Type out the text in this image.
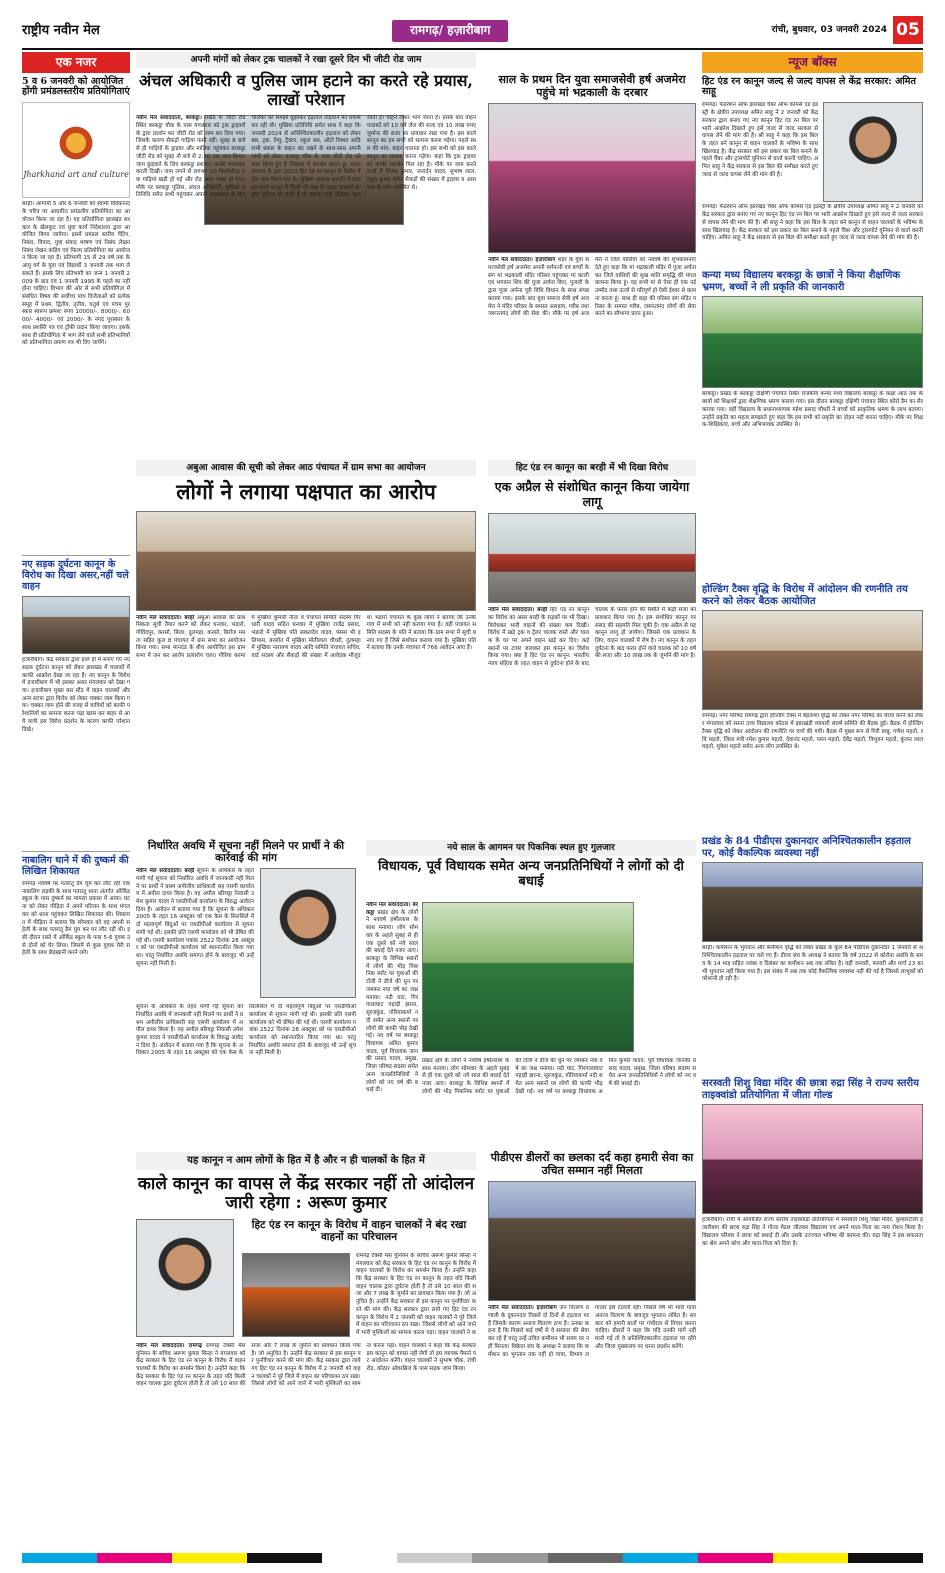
राष्ट्रीय नवीन मेल	रामगढ़/ हज़ारीबाग	रांची, बुधवार, 03 जनवरी 2024 05
एक नजर
5 व 6 जनवरी को आयोजित होंगी प्रमंडलस्तरीय प्रतियोगिताएं
Jharkhand art and culture
बरही। आगामी 5 और 6 जनवरी को स्वामी विवेकानंद के चरित्र पर आधारित प्रमंडलीय प्रतियोगिता का आयोजन किया जा रहा है। यह प्रतियोगिता झारखंड सरकार के खेलकूद एवं युवा कार्य निदेशालय द्वारा आयोजित किया जायेगा। इसमें प्रमंडल स्तरीय पेंटिंग, निबंध, विवाद, युवा संवाद भाषण एवं निबंध लेखन निबंध लेखन कंडिंग एवं फिल्म प्रतियोगिता का आयोजन किया जा रहा है। प्रतिभागी 15 से 29 वर्ष तक के आयु वर्ग के युवा एवं विद्यार्थी 3 जनवरी तक भाग ले सकते हैं। इसके लिए प्रतिभागी का जन्म 1 जनवरी 2009 के बाद एवं 1 जनवरी 1995 के पहले का नहीं होना चाहिए। विभाग की ओर से सभी प्रतियोगिता में संबंधित विषय की सर्वोच्च पांच विजेताओं को प्रत्येक समूह में प्रथम, द्वितीय, तृतीय, चतुर्थ एवं पंचम पुरस्कार स्वरूप क्रमशः रुपए 10000/-, 8000/-, 6000/- 4000/- एवं 2000/- के नगद पुरस्कार के साथ प्रशस्ति पत्र एवं ट्रॉफी प्रदान किया जाएगा। इसके साथ ही प्रतियोगिता में भाग लेने वाले सभी प्रतिभागियों को प्रतिभागिता प्रमाण पत्र भी दिए जायेंगे।
नए सड़क दुर्घटना कानून के विरोध का दिखा असर,नहीं चले वाहन
हजारीबाग। केंद्र सरकार द्वारा हाल ही में बनाए गए नए सड़क दुर्घटना कानून को लेकर झारखंड में चालकों में काफी आक्रोश देखा जा रहा है। नए कानून के विरोध में हजारीबाग में भी इसका असर मंगलवार को देखा गया। हजारीबाग मुख्य बस स्टैंड में वाहन चालकों और अन्य स्टाफ द्वारा विरोध को लेकर चक्का जाम किया गया। चक्का जाम होने की वजह से यात्रियों को काफी परेशानियों का सामना करना पड़ा खास कर बाहर से आये यात्री इस विरोध प्रदर्शन के कारण काफी परेशान दिखे।
नाबालिग थाने में की दुष्कर्म की लिखित शिकायत
रामगढ़ नववर्ष पर पतरातू डैम घूम कर लौट रही एक नाबालिग लड़की के साथ पतरातू थाना अंतर्गत ऑर्किड स्कूल के पास दुष्कर्म का मामला प्रकाश में आया। घटना को लेकर पीड़िता ने अपने परिजन के साथ मंगलवार को थाना पहुंचकर लिखित शिकायत की। शिकायत में पीड़िता ने बताया कि सोमवार को वह अपनी सहेली के साथ पतरातू डैम घूम कर घर लौट रही थी। इसी दौरान रास्ते में ऑर्किड स्कूल के पास 5-6 युवक उसे दोनों को घेर लिया। जिसमें से कुछ युवक मेरी सहेली के साथ छेड़खानी करने लगे।
अपनी मांगों को लेकर ट्रक चालकों ने रखा दूसरे दिन भी जीटी रोड जाम
अंचल अधिकारी व पुलिस जाम हटाने का करते रहे प्रयास, लाखों परेशान
नवीन मेल संवाददाता, बरकट्ठा। प्रखंड के जीटी रोड स्थित बरकट्ठा चौक के पास मंगलवार को ट्रक ड्राइवरों के द्वारा प्रदर्शन कर जीटी रोड को जाम कर दिया गया। जिसके कारण सैकड़ों गाड़ियां फंसी रहीं। सुबह 8 बजे से ही गाड़ियों के ड्राइवर और मालिक पहुंचकर बरकट्ठा जीटी रोड को सुबह नौ बजे से 2:30 तक जाम किया। जाम छुड़वाने के लिए बरकट्ठा प्रशासन काफी मशक्कत करती दिखी। जाम लगने से लगभग 10 किलोमीटर तक गाड़ियां खड़ी हो गई और रोड अस्त व्यस्त हो गया। मौके पर बरकट्ठा पुलिस, अंचल अधिकारी, मुखिया प्रतिनिधि समेत सभी पहुंचकर अपनी आश्वासन के बाद चालकों को समझा बुझाकर हड़ताल तोड़वाने का प्रयास कर रही थी। मुखिया प्रतिनिधि समेत साथ ने कहा कि जनवरी 2024 से अनिश्चितकालीन हड़ताल को लेकर बस, ट्रक, टेम्पु, ट्रैक्टर, स्कूल बस, ऑटो रिक्शा आदि सभी प्रकार के वाहन बंद रखने के साथ-साथ अपनी मांगों को लेकर बरकट्ठा चौक के पास जीटी रोड को जाम किया हुए हैं जिसका मैं समर्थन करता हूं। भारत सरकार के द्वारा 2023 हिट एंड रन कानून के विरोध में रोड जाम किया गया है। मुखिया अध्यक्ष असफ़ी ने कहा इस काले कानून में किसी भी तरह के वाहन चालकों का द्वारा दुर्घटना हो जाती है तो चालक गाड़ी छोड़कर भाग जाता है। वाहन लेकर भाग जाता है। इसके बाद वाहन चालकों को 10 वर्ष जेल की सजा एवं 10 लाख रुपए जुर्माना की सजा का प्रावधान रखा गया है। इस काले कानून का हम सभी को सामना करना पड़ेगा। पहले स्थल की मांग, वाहन चालाना हो। इस सभी को इस काले कानून का सामना करना पड़ेगा। कहा कि ट्रक ड्राइवर को काफी समर्थन मिल रहा है। मौके पर जाम करने वालों में विजय कुमार, जनार्दन यादव, सुभाष लाल, राहुल कुमार समेत सैकड़ों की संख्या में ड्राइवर व आसपास के लोग उपस्थित थे।
साल के प्रथम दिन युवा समाजसेवी हर्ष अजमेरा पहुंचे मां भद्रकाली के दरबार
नवीन मेल संवाददाता। हज़ारीबाग शहर के युवा समाजसेवी हर्ष अजमेरा अपनी धर्मपत्नी एवं बच्चों के संग मां भद्रकाली मंदिर परिसर पहुंचकर मां काली एवं भगवान शिव की पूजा अर्चना किए, पुजारी के द्वारा पूजा अर्चना पूरी विधि विधान के साथ संपन्न कराया गया। इसके बाद युवा समाज सेवी हर्ष अजमेरा ने मंदिर परिसर के समस्त असहाय, गरीब तथा जरूरतमंद लोगों की सेवा की। मौके पर हर्ष अजमेरा ने जिले वासियों को नववर्ष की शुभकामनाएं देते हुए कहा कि मां भद्रकाली मंदिर में पूजा अर्चना कर जिले वासियों की सुख शांति समृद्धि की मंगल कामना किया हूं। वह सभी मां से ऐसा ही एक नई उम्मीद तथा ऊर्जा से परिपूर्ण हो ऐसी ईश्वर से कामना करता हूं। साथ ही कहा की परिसर संग मंदिर परिसर के समस्त गरीब, जरूरतमंद लोगों की सेवा करने का सौभाग्य प्राप्त हुआ।
अबुआ आवास की सूची को लेकर आठ पंचायत में ग्राम सभा का आयोजन
लोगों ने लगाया पक्षपात का आरोप
नवीन मेल संवाददाता। बरही अबुआ आवास की प्राथमिकता सूची तैयार करने को लेकर धनवार, भंडारो, गोविंदपुर, करसो, बिंजा, दुलमहा, करसो, बिरोंज ममता सहित कुल 8 पंचायत में ग्राम सभा का आयोजन किया गया। सभा मानदंड के बीच आयोजित इस ग्राम सभा में जन कर आरोप प्रत्यारोप चला। गौरिया करमा में मुखिया कुमारी नीता व पंचायत समिति सदस्य गिरधारी यादव सहित धनवार में मुखिया राजेंद्र प्रसाद, भंडारो में मुखिया पति सकलदेव यादव, पंसस भी इलियास, बरसोत में मुखिया मोतीलाल चौधरी, दुलमहा में मुखिया नारायण यादव आदि समिति पंचायत सचिव, वार्ड सदस्य और सैकड़ों की संख्या में आवेदक मौजूद थे। भंडारो पंचायत के कुछ लोगों ने बताया कि उनके गांव में सभी को नहीं कराया गया है। वहीं पंचायत समिति सदस्य के पति ने बताया कि ग्राम सभा में सूची बनाए गए हैं जिसे संशोधन कराया गया है। मुखिया पति ने बताया कि उनके पंचायत में 766 आवेदन आए हैं।
हिट एंड रन कानून का बरही में भी दिखा विरोध
एक अप्रैल से संशोधित कानून किया जायेगा लागू
नवीन मेल संवाददाता। बरही हिट एंड रन कानून का विरोध का असर बरही के सड़कों पर भी दिखा। विरोधकर भारी वाहनों की संख्या कम दिखी। विरोध में खड़े ट्रक व ट्रेलर चालक रास्ते और चालक के घर पर अपने वाहन खड़े कर दिए। कई स्थानों पर टायर जलाकर इस कानून का विरोध किया गया। क्या है हिट एंड रन कानून: भारतीय न्याय संहिता के तहत वाहन से दुर्घटना होने के बाद चालक के फरार होने की स्थिति में कड़ी सजा का प्रावधान किया गया है। इस संशोधित कानून पर संसद की सहमति मिल चुकी है। एक अप्रैल से यह कानून लागू हो जायेगा। जिससे एक प्रावधान के लिए, वाहन चालकों में रोष है। नए कानून के तहत दुर्घटना के बाद फरार होने वाले चालक को 10 वर्ष की सजा और 10 लाख तक के जुर्माने की मांग है।
निर्धारित अवधि में सूचना नहीं मिलने पर प्रार्थी ने की कार्रवाई की मांग
नवीन मेल संवाददाता। बरही सूचना के अधिकार के तहत मांगी गई सूचना को निर्धारित अवधि में जानकारी नहीं मिलने पर प्रार्थी ने प्रथम अपीलीय प्राधिकारी सह एसपी कार्यालय में अपील दायर किया है। यह अपील बरियट्ठा निवासी उमेश कुमार यादव ने एसडीपीओ कार्यालय के विरुद्ध आवेदन दिया है। आवेदन में बताया गया है कि सूचना के अधिकार 2005 के तहत 16 अक्टूबर को एक केस के सिलसिले में दो महत्वपूर्ण बिंदुओं पर एसडीपीओ कार्यालय से सूचना मांगी गई थी। इसकी प्रति एसपी कार्यालय को भी प्रेषित की गई थी। एसपी कार्यालय पत्रांक 2522 दिनांक 28 अक्टूबर को पर एसडीपीओ कार्यालय को स्थानांतरित किया गया था। परंतु निर्धारित अवधि समाप्त होने के बावजूद भी उन्हें सूचना नहीं मिली है।
सूचना के अधिकार के तहत मांगी गई सूचना को निर्धारित अवधि में जानकारी नहीं मिलने पर प्रार्थी ने प्रथम अपीलीय प्राधिकारी सह एसपी कार्यालय में अपील दायर किया है। यह अपील बरियट्ठा निवासी उमेश कुमार यादव ने एसडीपीओ कार्यालय के विरुद्ध आवेदन दिया है। आवेदन में बताया गया है कि सूचना के अधिकार 2005 के तहत 16 अक्टूबर को एक केस के सिलसिले में दो महत्वपूर्ण बिंदुओं पर एसडीपीओ कार्यालय से सूचना मांगी गई थी। इसकी प्रति एसपी कार्यालय को भी प्रेषित की गई थी। एसपी कार्यालय पत्रांक 2522 दिनांक 28 अक्टूबर को पर एसडीपीओ कार्यालय को स्थानांतरित किया गया था। परंतु निर्धारित अवधि समाप्त होने के बावजूद भी उन्हें सूचना नहीं मिली है।
नये साल के आगमन पर पिकनिक स्थल हुए गुलजार
विधायक, पूर्व विधायक समेत अन्य जनप्रतिनिधियों ने लोगों को दी बधाई
नवीन मेल संवाददाता। बरकट्ठा प्रखंड क्षेत्र के लोगों ने नववर्ष हर्षोल्लास के साथ मनाया। लोग सोमवार के अहले सुबह से ही एक दूसरे को नये साल की बधाई देते नजर आए। बरकट्ठा के विभिन्न स्थानों में लोगों की भीड़ पिकनिक स्पॉट पर युवाओं की टोली ने डीजे की धुन पर जमकर नया वर्ष का जश्न मनाया। नदी घाट, गिरगालाघाट पहाड़ी झरना, सूरजकुंड, गोरियाकर्मा नदी समेत अन्य स्थानों पर लोगों की काफी भीड़ देखी गई। नव वर्ष पर बरकट्ठा विधायक अमित कुमार यादव, पूर्व विधायक जानकी प्रसाद यादव, प्रमुख, जिला परिषद सदस्य समेत अन्य जनप्रतिनिधियों ने लोगों को नए वर्ष की बधाई दी।
प्रखंड क्षेत्र के लोगों ने नववर्ष हर्षोल्लास के साथ मनाया। लोग सोमवार के अहले सुबह से ही एक दूसरे को नये साल की बधाई देते नजर आए। बरकट्ठा के विभिन्न स्थानों में लोगों की भीड़ पिकनिक स्पॉट पर युवाओं की टोली ने डीजे की धुन पर जमकर नया वर्ष का जश्न मनाया। नदी घाट, गिरगालाघाट पहाड़ी झरना, सूरजकुंड, गोरियाकर्मा नदी समेत अन्य स्थानों पर लोगों की काफी भीड़ देखी गई। नव वर्ष पर बरकट्ठा विधायक अमित कुमार यादव, पूर्व विधायक जानकी प्रसाद यादव, प्रमुख, जिला परिषद सदस्य समेत अन्य जनप्रतिनिधियों ने लोगों को नए वर्ष की बधाई दी।
यह कानून न आम लोगों के हित में है और न ही चालकों के हित में
काले कानून का वापस ले केंद्र सरकार नहीं तो आंदोलन जारी रहेगा : अरूण कुमार
हिट एंड रन कानून के विरोध में वाहन चालकों ने बंद रखा वाहनों का परिचालन
रामगढ़ टैक्सी मेंस यूनियन के सचिव अरूण कुमार सिन्हा ने मंगलवार को केंद्र सरकार के हिट एंड रन कानून के विरोध में वाहन चालकों के विरोध का समर्थन किया है। उन्होंने कहा कि केंद्र सरकार के हिट एंड रन कानून के तहत यदि किसी वाहन चालक द्वारा दुर्घटना होती है तो उसे 10 साल की सजा और 7 लाख के जुर्माने का प्रावधान किया गया है। जो अनुचित है। उन्होंने केंद्र सरकार से इस कानून पर पुनर्विचार करने की मांग की। केंद्र सरकार द्वारा लाये गए हिट एंड रन कानून के विरोध में 2 जनवरी को वाहन चालकों ने पूरे जिले में वाहन का परिचालन ठप रखा। जिससे लोगों को आने जाने में भारी मुश्किलों का सामना करना पड़ा। वाहन चालकों ने क
नवीन मेल संवाददाता। रामगढ़ रामगढ़ टैक्सी मेंस यूनियन के सचिव अरूण कुमार सिन्हा ने मंगलवार को केंद्र सरकार के हिट एंड रन कानून के विरोध में वाहन चालकों के विरोध का समर्थन किया है। उन्होंने कहा कि केंद्र सरकार के हिट एंड रन कानून के तहत यदि किसी वाहन चालक द्वारा दुर्घटना होती है तो उसे 10 साल की सजा और 7 लाख के जुर्माने का प्रावधान किया गया है। जो अनुचित है। उन्होंने केंद्र सरकार से इस कानून पर पुनर्विचार करने की मांग की। केंद्र सरकार द्वारा लाये गए हिट एंड रन कानून के विरोध में 2 जनवरी को वाहन चालकों ने पूरे जिले में वाहन का परिचालन ठप रखा। जिससे लोगों को आने जाने में भारी मुश्किलों का सामना करना पड़ा। वाहन चालकों ने कहा कि केंद्र सरकार इस कानून को वापस नहीं लेगी तो हम व्यापक पैमाने पर आंदोलन करेंगे। वाहन चालकों ने सुभाष चौक, रांची रोड, कोठार ओवरब्रिज के पास सड़क जाम किया।
पीडीएस डीलरों का छलका दर्द कहा हमारी सेवा का उचित सम्मान नहीं मिलता
नवीन मेल संवाददाता। हज़ारीबाग जन वितरण प्रणाली के दुकानदार पिछले दो दिनों से हड़ताल पर हैं जिसके कारण अनाज वितरण ठप्प है। उनका कहना है कि पिछले कई वर्षों से वे सरकार की सेवा कर रहे हैं परंतु उन्हें उचित कमीशन भी समय पर नहीं मिलता। विक्रेता संघ के अध्यक्ष ने बताया कि कमीशन का भुगतान तक नहीं हो पाया, विभाग लगातार इसे टालती रही। पिछले वर्ष भी भारी मात्रा अनाज वितरण के बावजूद भुगतान लंबित है। सरकार को हमारी बातों पर गंभीरता से विचार करना चाहिए। डीलरों ने कहा कि यदि उनकी मांगें नहीं मानी गई तो वे अनिश्चितकालीन हड़ताल पर रहेंगे और जिला मुख्यालय पर धरना प्रदर्शन करेंगे।
न्यूज बॉक्स
हिट एंड रन कानून जल्द से जल्द वापस ले केंद्र सरकार: अमित साहू
रामगढ़। फेडरेशन ऑफ झारखंड चैंबर ऑफ कॉमर्स एंड इंडस्ट्री के क्षेत्रीय उपाध्यक्ष अमित साहू ने 2 जनवरी को केंद्र सरकार द्वारा बनाए गए नए कानून हिट एंड रन बिल पर भारी आक्रोश दिखाते हुए इसे जल्द से जल्द सरकार से वापस लेने की मांग की है। श्री साहू ने कहा कि इस बिल के तहत बने कानून से वाहन चालकों के भविष्य के साथ खिलवाड़ है। केंद्र सरकार को इस प्रकार का बिल बनाने के पहले चैंबर और ट्रांसपोर्ट यूनियन से वार्ता करनी चाहिए। अमित साहू ने केंद्र सरकार से इस बिल की समीक्षा करते हुए जल्द से जल्द वापस लेने की मांग की है।
रामगढ़। फेडरेशन ऑफ झारखंड चैंबर ऑफ कॉमर्स एंड इंडस्ट्री के क्षेत्रीय उपाध्यक्ष अमित साहू ने 2 जनवरी को केंद्र सरकार द्वारा बनाए गए नए कानून हिट एंड रन बिल पर भारी आक्रोश दिखाते हुए इसे जल्द से जल्द सरकार से वापस लेने की मांग की है। श्री साहू ने कहा कि इस बिल के तहत बने कानून से वाहन चालकों के भविष्य के साथ खिलवाड़ है। केंद्र सरकार को इस प्रकार का बिल बनाने के पहले चैंबर और ट्रांसपोर्ट यूनियन से वार्ता करनी चाहिए। अमित साहू ने केंद्र सरकार से इस बिल की समीक्षा करते हुए जल्द से जल्द वापस लेने की मांग की है।
कन्या मध्य विद्यालय बरकट्ठा के छात्रों ने किया शैक्षणिक भ्रमण, बच्चों ने ली प्रकृति की जानकारी
बरकट्ठा। प्रखंड के बरकट्ठा दक्षिणी पंचायत स्थित राजकीय कन्या मध्य विद्यालय बरकट्ठा के कक्षा आठ तक के छात्रों को शिक्षकों द्वारा शैक्षणिक भ्रमण कराया गया। इस दौरान बरकट्ठा दक्षिणी पंचायत स्थित कोरो डैम का सैर कराया गया। वहीं विद्यालय के प्रधानाध्यापक महेश प्रसाद चौधरी ने बच्चों को प्राकृतिक भ्रमण के लाभ बताया। उन्होंने प्रकृति का महत्व समझाते हुए कहा कि हम सभी को प्रकृति का दोहन नहीं करना चाहिए। मौके पर शिक्षक-शिक्षिकाएं, बच्चे और अभिभावक उपस्थित थे।
होल्डिंग टैक्स वृद्धि के विरोध में आंदोलन की रणनीति तय करने को लेकर बैठक आयोजित
रामगढ़। नगर परिषद रामगढ़ द्वारा होल्डिंग टैक्स में बेहताशा वृद्धि को लेकर नगर परिषद का घेराव करने को लेकर मंगलवार को सरना उच्च विद्यालय कोठार में झारखंडी व्यापारी संघर्ष समिति की बैठक हुई। बैठक में होल्डिंग टैक्स वृद्धि को लेकर आंदोलन की रणनीति पर चर्चा की गयी। बैठक में मुख्य रूप से गिरी बाबू, गणेश महतो, रवि महतो, जिला मंत्री रमेश कुमार महतो, देवानंद महतो, पवन महतो, देवेंद्र महतो, त्रिभुवन महतो, कुंजन लाल महतो, मुकेश महतो समेत अन्य लोग उपस्थित थे।
प्रखंड के 84 पीडीएस दुकानदार अनिश्चितकालीन हड़ताल पर, कोई वैकल्पिक व्यवस्था नहीं
बरही। कमीशन के भुगतान और कमीशन वृद्धि को लेकर प्रखंड के कुल 84 पीडीएस दुकानदार 1 जनवरी से अनिश्चितकालीन हड़ताल पर चले गए हैं। डीलर संघ के अध्यक्ष ने बताया कि वर्ष 2022 से कोरोना अवधि के समय के 14 माह सहित नवंबर व दिसंबर का कमीशन अब तक लंबित है। वहीं जनवरी, फरवरी और मार्च 23 का भी भुगतान नहीं किया गया है। इस संबंध में अब तक कोई वैकल्पिक व्यवस्था नहीं की गई है जिससे लाभुकों को परेशानी हो रही है।
सरस्वती शिशु विद्या मंदिर की छात्रा रुद्रा सिंह ने राज्य स्तरीय ताइक्वांडो प्रतियोगिता में जीता गोल्ड
हजारीबाग। रांची में आयोजित राज्य स्तरीय ताइक्वांडो प्रतियोगिता में सरस्वती शिशु विद्या मंदिर, कुम्हारटोली हजारीबाग की छात्रा रुद्रा सिंह ने गोल्ड मेडल जीतकर विद्यालय एवं अपने माता-पिता का नाम रोशन किया है। विद्यालय परिवार ने छात्रा को बधाई दी और उसके उज्ज्वल भविष्य की कामना की। रुद्रा सिंह ने इस सफलता का श्रेय अपने कोच और माता-पिता को दिया है।
